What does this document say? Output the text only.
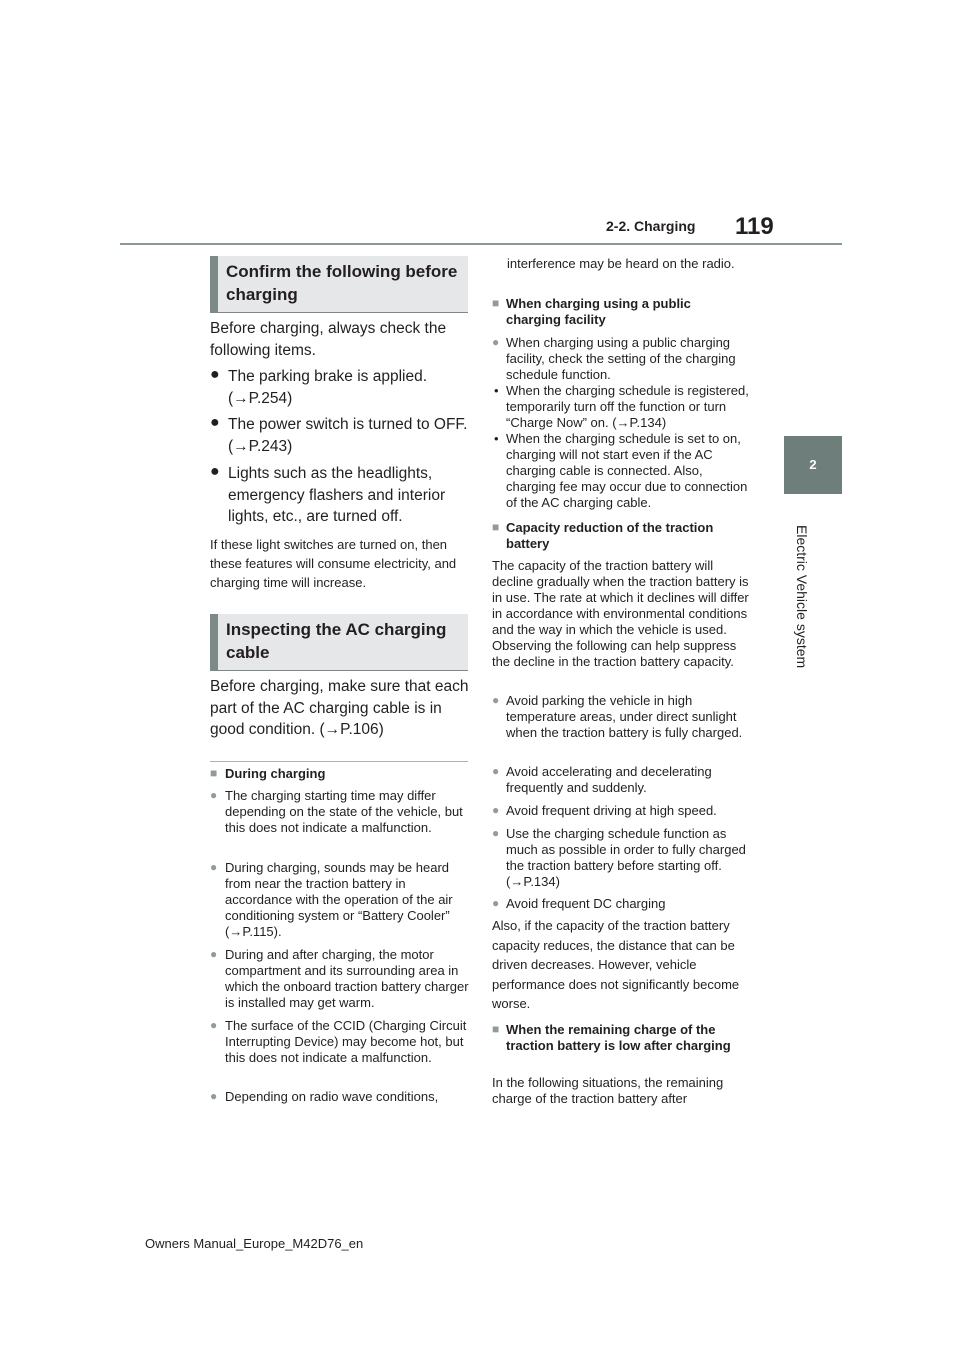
2-2. Charging 119
2
Electric Vehicle system
Confirm the following before charging

Before charging, always check the following items.

● The parking brake is applied. (→P.254)

● The power switch is turned to OFF. (→P.243)

● Lights such as the headlights, emergency flashers and interior lights, etc., are turned off.

If these light switches are turned on, then these features will consume electricity, and charging time will increase.

Inspecting the AC charging cable

Before charging, make sure that each part of the AC charging cable is in good condition. (→P.106)

■ During charging

● The charging starting time may differ depending on the state of the vehicle, but this does not indicate a malfunction.

● During charging, sounds may be heard from near the traction battery in accordance with the operation of the air conditioning system or “Battery Cooler” (→P.115).

● During and after charging, the motor compartment and its surrounding area in which the onboard traction battery charger is installed may get warm.

● The surface of the CCID (Charging Circuit Interrupting Device) may become hot, but this does not indicate a malfunction.

● Depending on radio wave conditions,

interference may be heard on the radio.

■ When charging using a public charging facility

● When charging using a public charging facility, check the setting of the charging schedule function.

• When the charging schedule is registered, temporarily turn off the function or turn “Charge Now” on. (→P.134)

• When the charging schedule is set to on, charging will not start even if the AC charging cable is connected. Also, charging fee may occur due to connection of the AC charging cable.

■ Capacity reduction of the traction battery

The capacity of the traction battery will decline gradually when the traction battery is in use. The rate at which it declines will differ in accordance with environmental conditions and the way in which the vehicle is used. Observing the following can help suppress the decline in the traction battery capacity.

● Avoid parking the vehicle in high temperature areas, under direct sunlight when the traction battery is fully charged.

● Avoid accelerating and decelerating frequently and suddenly.

● Avoid frequent driving at high speed.

● Use the charging schedule function as much as possible in order to fully charged the traction battery before starting off. (→P.134)

● Avoid frequent DC charging

Also, if the capacity of the traction battery capacity reduces, the distance that can be driven decreases. However, vehicle performance does not significantly become worse.

■ When the remaining charge of the traction battery is low after charging

In the following situations, the remaining charge of the traction battery after

Owners Manual_Europe_M42D76_en
